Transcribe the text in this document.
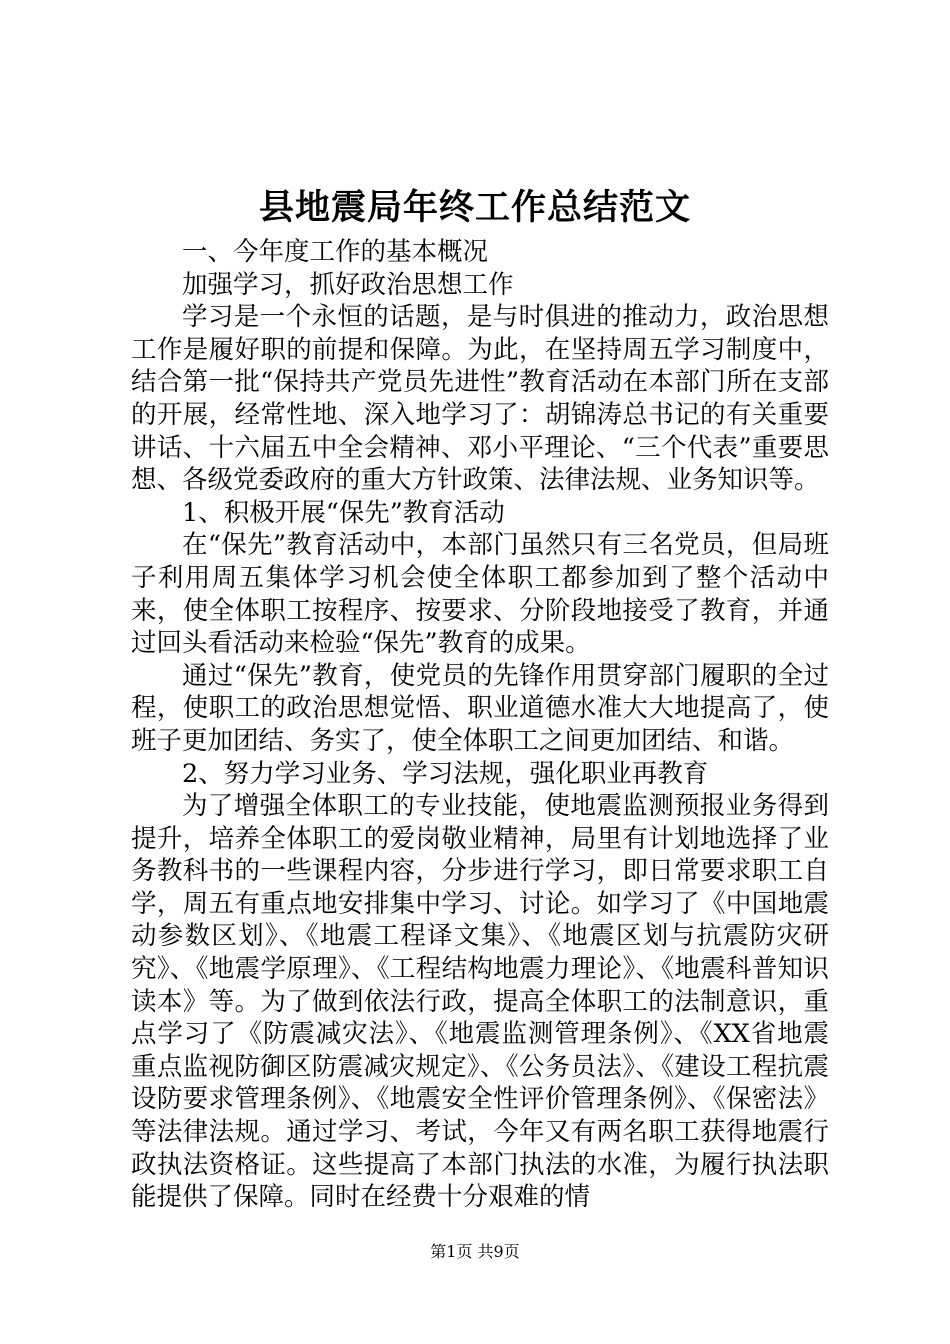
县地震局年终工作总结范文

一、今年度工作的基本概况

加强学习，抓好政治思想工作

学习是一个永恒的话题，是与时俱进的推动力，政治思想工作是履好职的前提和保障。为此，在坚持周五学习制度中，结合第一批“保持共产党员先进性”教育活动在本部门所在支部的开展，经常性地、深入地学习了：胡锦涛总书记的有关重要讲话、十六届五中全会精神、邓小平理论、“三个代表”重要思想、各级党委政府的重大方针政策、法律法规、业务知识等。

1、积极开展“保先”教育活动

在“保先”教育活动中，本部门虽然只有三名党员，但局班子利用周五集体学习机会使全体职工都参加到了整个活动中来，使全体职工按程序、按要求、分阶段地接受了教育，并通过回头看活动来检验“保先”教育的成果。

通过“保先”教育，使党员的先锋作用贯穿部门履职的全过程，使职工的政治思想觉悟、职业道德水准大大地提高了，使班子更加团结、务实了，使全体职工之间更加团结、和谐。

2、努力学习业务、学习法规，强化职业再教育

为了增强全体职工的专业技能，使地震监测预报业务得到提升，培养全体职工的爱岗敬业精神，局里有计划地选择了业务教科书的一些课程内容，分步进行学习，即日常要求职工自学，周五有重点地安排集中学习、讨论。如学习了《中国地震动参数区划》、《地震工程译文集》、《地震区划与抗震防灾研究》、《地震学原理》、《工程结构地震力理论》、《地震科普知识读本》等。为了做到依法行政，提高全体职工的法制意识，重点学习了《防震减灾法》、《地震监测管理条例》、《XX省地震重点监视防御区防震减灾规定》、《公务员法》、《建设工程抗震设防要求管理条例》、《地震安全性评价管理条例》、《保密法》等法律法规。通过学习、考试，今年又有两名职工获得地震行政执法资格证。这些提高了本部门执法的水准，为履行执法职能提供了保障。同时在经费十分艰难的情

第1页 共9页
